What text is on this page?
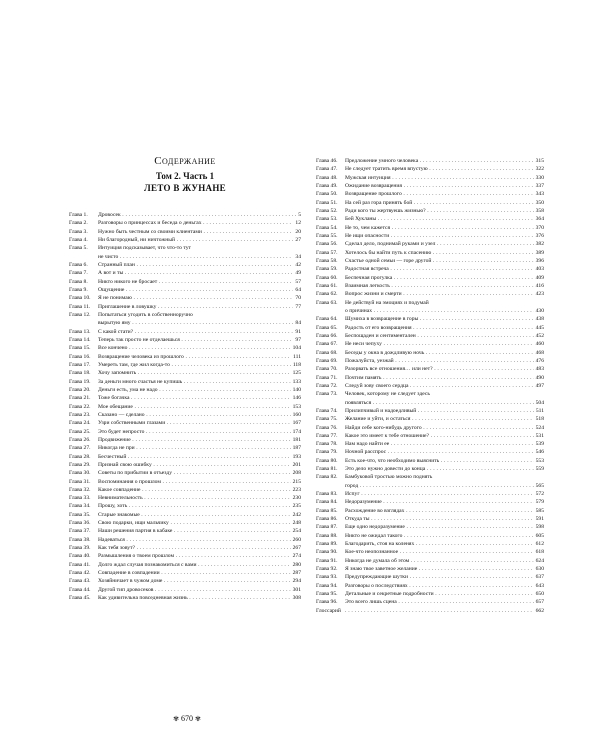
Содержание
Том 2. Часть 1
ЛЕТО В ЖУНАНЕ
Глава 1.	Дровосек . . .	5
Глава 2.	Разговоры о принцессах и беседа о деньгах . . .	12
Глава 3.	Нужно быть честным со своими клиентами . . .	20
Глава 4.	Ни благородный, ни ничтожный . . .	27
Глава 5.	Интуиция подсказывает, что что-то тут
не чисто . . .	34
Глава 6.	Странный план . . .	42
Глава 7.	А вот и ты . . .	49
Глава 8.	Никто никого не бросает . . .	57
Глава 9.	Ощущение . . .	64
Глава 10.	Я не понимаю . . .	70
Глава 11.	Приглашение в ловушку . . .	77
Глава 12.	Попытаться угодить в собственноручно
вырытую яму . . .	84
Глава 13.	С какой стати? . . .	91
Глава 14.	Теперь так просто не отделаешься . . .	97
Глава 15.	Все кончено . . .	104
Глава 16.	Возвращение человека из прошлого . . .	111
Глава 17.	Умереть там, где жил когда-то . . .	118
Глава 18.	Хочу запомнить . . .	125
Глава 19.	За деньги много счастья не купишь . . .	133
Глава 20.	Деньги есть, ума не надо . . .	140
Глава 21.	Тоже богачка . . .	146
Глава 22.	Мое обещание . . .	153
Глава 23.	Сказано — сделано . . .	160
Глава 24.	Узри собственными глазами . . .	167
Глава 25.	Это будет непросто . . .	174
Глава 26.	Продвижение . . .	181
Глава 27.	Никогда не при . . .	187
Глава 28.	Бесчестный . . .	193
Глава 29.	Признай свою ошибку . . .	201
Глава 30.	Советы по прибытии в отъезду . . .	208
Глава 31.	Воспоминания о прошлом . . .	215
Глава 32.	Какое совпадение . . .	223
Глава 33.	Невнимательность . . .	230
Глава 34.	Прошу, хоть . . .	235
Глава 35.	Старые знакомые . . .	242
Глава 36.	Свою подарки, ищи мальчику . . .	248
Глава 37.	Наши решения партия в кабаке . . .	254
Глава 38.	Надеваться . . .	260
Глава 39.	Как тебя зовут? . . .	267
Глава 40.	Размышления о твоем прошлом . . .	274
Глава 41.	Долго ждал случая познакомиться с вами . . .	280
Глава 42.	Совпадение в совпадении . . .	287
Глава 43.	Хозяйничает в чужом доме . . .	294
Глава 44.	Другой тип дровосеков . . .	301
Глава 45.	Как удивительна повседневная жизнь . . .	308
Глава 46.	Предложение умного человека . . .	315
Глава 47.	Не следует тратить время впустую . . .	322
Глава 48.	Мужская интуиция . . .	330
Глава 49.	Ожидание возвращения . . .	337
Глава 50.	Возвращение прошлого . . .	343
Глава 51.	На сей раз гора принять бой . . .	350
Глава 52.	Ради кого ты жертвуешь жизнью? . . .	358
Глава 53.	Бей Хукланы . . .	364
Глава 54.	Не то, чем кажется . . .	370
Глава 55.	Не ищи опасности . . .	376
Глава 56.	Сделал дело, поднимай руками и узел . . .	382
Глава 57.	Хотелось бы найти путь к спасению . . .	389
Глава 58.	Счастье одной семьи — горе другой . . .	396
Глава 59.	Радостная встреча . . .	403
Глава 60.	Беспечная прогулка . . .	409
Глава 61.	Взаимная легкость . . .	416
Глава 62.	Вопрос жизни и смерти . . .	423
Глава 63.	Не действуй на эмоциях и подумай
о причинах . . .	430
Глава 64.	Шумиха в возвращение в горы . . .	438
Глава 65.	Радость от его возвращения . . .	445
Глава 66.	Беспощаден и сентиментален . . .	452
Глава 67.	Не неси чепуху . . .	460
Глава 68.	Беседы у окна в дождливую ночь . . .	468
Глава 69.	Пожалуйста, уезжай . . .	476
Глава 70.	Разорвать все отношения… или нет? . . .	483
Глава 71.	Почтим память . . .	490
Глава 72.	Следуй зову своего сердца . . .	497
Глава 73.	Человек, которому не следует здесь
появляться . . .	504
Глава 74.	Прилипчивый и надоедливый . . .	511
Глава 75.	Желание и уйти, и остаться . . .	518
Глава 76.	Найди себе кого-нибудь другого . . .	524
Глава 77.	Какое это имеет к тебе отношение? . . .	531
Глава 78.	Нам надо найти ее . . .	539
Глава 79.	Ночной расспрос . . .	546
Глава 80.	Есть кое-что, что необходимо выяснить . . .	553
Глава 81.	Это дело нужно довести до конца . . .	559
Глава 82.	Бамбуковой тростью можно поднять
город . . .	565
Глава 83.	Испуг . . .	572
Глава 84.	Недоразумение . . .	579
Глава 85.	Расхождение во взглядах . . .	585
Глава 86.	Откуда ты . . .	591
Глава 87.	Еще одно недоразумение . . .	598
Глава 88.	Никто не ожидал такого . . .	605
Глава 89.	Благодарить, стоя на коленях . . .	612
Глава 90.	Кое-что неопознанное . . .	618
Глава 91.	Никогда не думала об этом . . .	624
Глава 92.	Я знаю твое заветное желание . . .	630
Глава 93.	Предупреждающие шутки . . .	637
Глава 94.	Разговоры о последствиях . . .	643
Глава 95.	Детальные и секретные подробности . . .	650
Глава 96.	Это всего лишь сцена . . .	657
Глоссарий . . .	662
✾ 670 ✾
